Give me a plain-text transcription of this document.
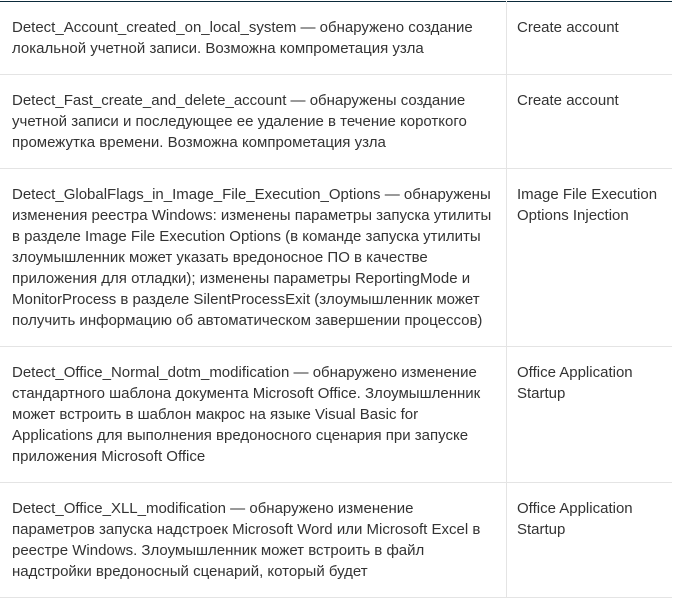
Detect_Account_created_on_local_system — обнаружено создание локальной учетной записи. Возможна компрометация узла	Create account
Detect_Fast_create_and_delete_account — обнаружены создание учетной записи и последующее ее удаление в течение короткого промежутка времени. Возможна компрометация узла	Create account
Detect_GlobalFlags_in_Image_File_Execution_Options — обнаружены изменения реестра Windows: изменены параметры запуска утилиты в разделе Image File Execution Options (в команде запуска утилиты злоумышленник может указать вредоносное ПО в качестве приложения для отладки); изменены параметры ReportingMode и MonitorProcess в разделе SilentProcessExit (злоумышленник может получить информацию об автоматическом завершении процессов)	Image File Execution Options Injection
Detect_Office_Normal_dotm_modification — обнаружено изменение стандартного шаблона документа Microsoft Office. Злоумышленник может встроить в шаблон макрос на языке Visual Basic for Applications для выполнения вредоносного сценария при запуске приложения Microsoft Office	Office Application Startup
Detect_Office_XLL_modification — обнаружено изменение параметров запуска надстроек Microsoft Word или Microsoft Excel в реестре Windows. Злоумышленник может встроить в файл надстройки вредоносный сценарий, который будет	Office Application Startup
